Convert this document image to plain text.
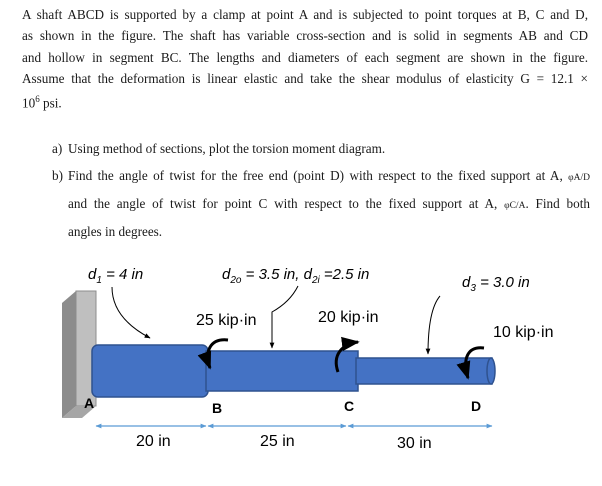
A shaft ABCD is supported by a clamp at point A and is subjected to point torques at B, C and D,
as shown in the figure. The shaft has variable cross-section and is solid in segments AB and CD
and hollow in segment BC. The lengths and diameters of each segment are shown in the figure.
Assume that the deformation is linear elastic and take the shear modulus of elasticity G = 12.1 ×
$10^6$ psi.
a) Using method of sections, plot the torsion moment diagram.
b) Find the angle of twist for the free end (point D) with respect to the fixed support at A, φA/D
and the angle of twist for point C with respect to the fixed support at A, φC/A. Find both
angles in degrees.
$d_1 = 4$ in	$d_{2o} = 3.5$ in, $d_{2i} =2.5$ in	$d_3 = 3.0$ in
25 kip·in	20 kip·in
10 kip·in
A	B	C	D
20 in	25 in	30 in
